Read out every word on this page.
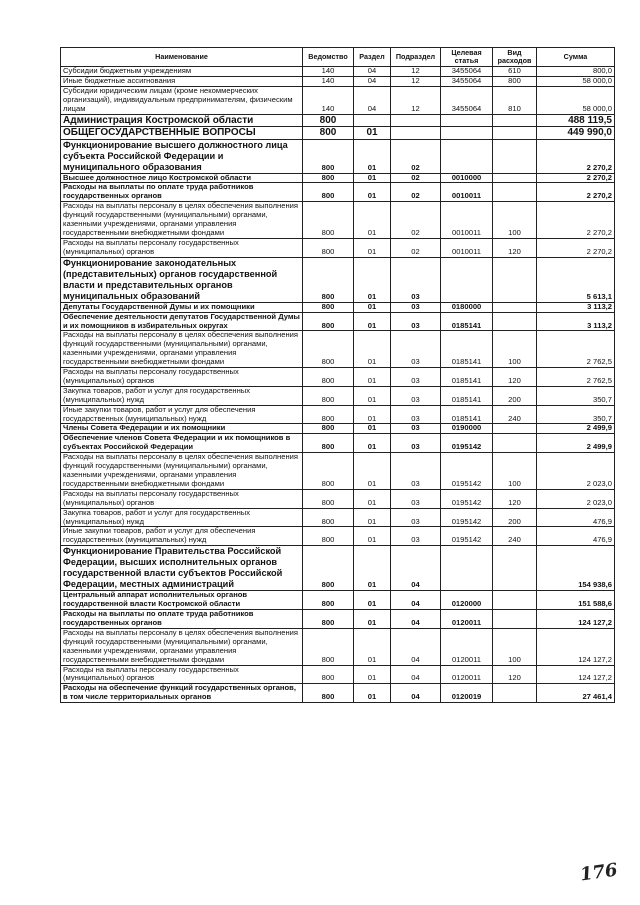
Наименование	Ведомство	Раздел	Подраздел	Целевая статья	Вид расходов	Сумма
Субсидии бюджетным учреждениям	140	04	12	3455064	610	800,0
Иные бюджетные ассигнования	140	04	12	3455064	800	58 000,0
Субсидии юридическим лицам (кроме некоммерческих организаций), индивидуальным предпринимателям, физическим лицам	140	04	12	3455064	810	58 000,0
Администрация Костромской области	800					488 119,5
ОБЩЕГОСУДАРСТВЕННЫЕ ВОПРОСЫ	800	01				449 990,0
Функционирование высшего должностного лица субъекта Российской Федерации и муниципального образования	800	01	02			2 270,2
Высшее должностное лицо Костромской области	800	01	02	0010000		2 270,2
Расходы на выплаты по оплате труда работников государственных органов	800	01	02	0010011		2 270,2
Расходы на выплаты персоналу в целях обеспечения выполнения функций государственными (муниципальными) органами, казенными учреждениями, органами управления государственными внебюджетными фондами	800	01	02	0010011	100	2 270,2
Расходы на выплаты персоналу государственных (муниципальных) органов	800	01	02	0010011	120	2 270,2
Функционирование законодательных (представительных) органов государственной власти и представительных органов муниципальных образований	800	01	03			5 613,1
Депутаты Государственной Думы и их помощники	800	01	03	0180000		3 113,2
Обеспечение деятельности депутатов Государственной Думы и их помощников в избирательных округах	800	01	03	0185141		3 113,2
Расходы на выплаты персоналу в целях обеспечения выполнения функций государственными (муниципальными) органами, казенными учреждениями, органами управления государственными внебюджетными фондами	800	01	03	0185141	100	2 762,5
Расходы на выплаты персоналу государственных (муниципальных) органов	800	01	03	0185141	120	2 762,5
Закупка товаров, работ и услуг для государственных (муниципальных) нужд	800	01	03	0185141	200	350,7
Иные закупки товаров, работ и услуг для обеспечения государственных (муниципальных) нужд	800	01	03	0185141	240	350,7
Члены Совета Федерации и их помощники	800	01	03	0190000		2 499,9
Обеспечение членов Совета Федерации и их помощников в субъектах Российской Федерации	800	01	03	0195142		2 499,9
Расходы на выплаты персоналу в целях обеспечения выполнения функций государственными (муниципальными) органами, казенными учреждениями, органами управления государственными внебюджетными фондами	800	01	03	0195142	100	2 023,0
Расходы на выплаты персоналу государственных (муниципальных) органов	800	01	03	0195142	120	2 023,0
Закупка товаров, работ и услуг для государственных (муниципальных) нужд	800	01	03	0195142	200	476,9
Иные закупки товаров, работ и услуг для обеспечения государственных (муниципальных) нужд	800	01	03	0195142	240	476,9
Функционирование Правительства Российской Федерации, высших исполнительных органов государственной власти субъектов Российской Федерации, местных администраций	800	01	04			154 938,6
Центральный аппарат исполнительных органов государственной власти Костромской области	800	01	04	0120000		151 588,6
Расходы на выплаты по оплате труда работников государственных органов	800	01	04	0120011		124 127,2
Расходы на выплаты персоналу в целях обеспечения выполнения функций государственными (муниципальными) органами, казенными учреждениями, органами управления государственными внебюджетными фондами	800	01	04	0120011	100	124 127,2
Расходы на выплаты персоналу государственных (муниципальных) органов	800	01	04	0120011	120	124 127,2
Расходы на обеспечение функций государственных органов, в том числе территориальных органов	800	01	04	0120019		27 461,4
176
